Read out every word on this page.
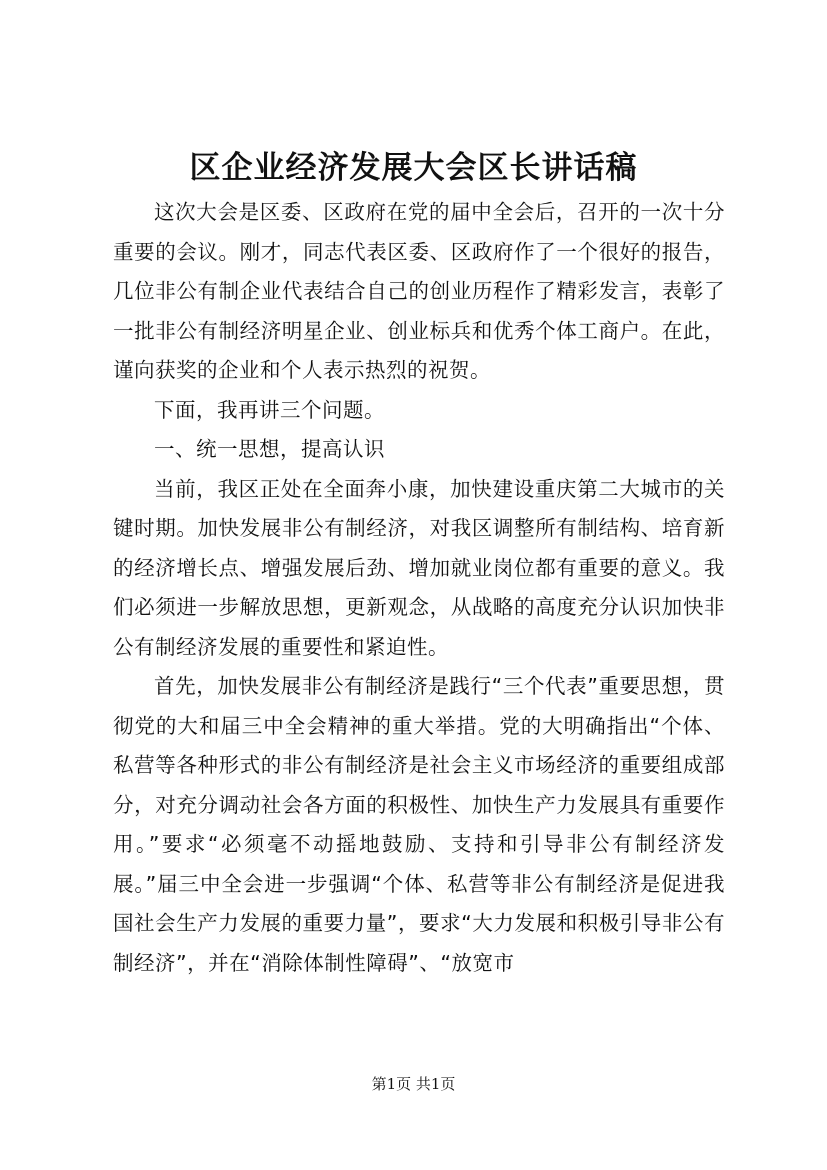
区企业经济发展大会区长讲话稿

这次大会是区委、区政府在党的届中全会后，召开的一次十分重要的会议。刚才，同志代表区委、区政府作了一个很好的报告，几位非公有制企业代表结合自己的创业历程作了精彩发言，表彰了一批非公有制经济明星企业、创业标兵和优秀个体工商户。在此，谨向获奖的企业和个人表示热烈的祝贺。

下面，我再讲三个问题。

一、统一思想，提高认识

当前，我区正处在全面奔小康，加快建设重庆第二大城市的关键时期。加快发展非公有制经济，对我区调整所有制结构、培育新的经济增长点、增强发展后劲、增加就业岗位都有重要的意义。我们必须进一步解放思想，更新观念，从战略的高度充分认识加快非公有制经济发展的重要性和紧迫性。

首先，加快发展非公有制经济是践行“三个代表”重要思想，贯彻党的大和届三中全会精神的重大举措。党的大明确指出“个体、私营等各种形式的非公有制经济是社会主义市场经济的重要组成部分，对充分调动社会各方面的积极性、加快生产力发展具有重要作用。”要求“必须毫不动摇地鼓励、支持和引导非公有制经济发展。”届三中全会进一步强调“个体、私营等非公有制经济是促进我国社会生产力发展的重要力量”，要求“大力发展和积极引导非公有制经济”，并在“消除体制性障碍”、“放宽市

第1页 共1页
